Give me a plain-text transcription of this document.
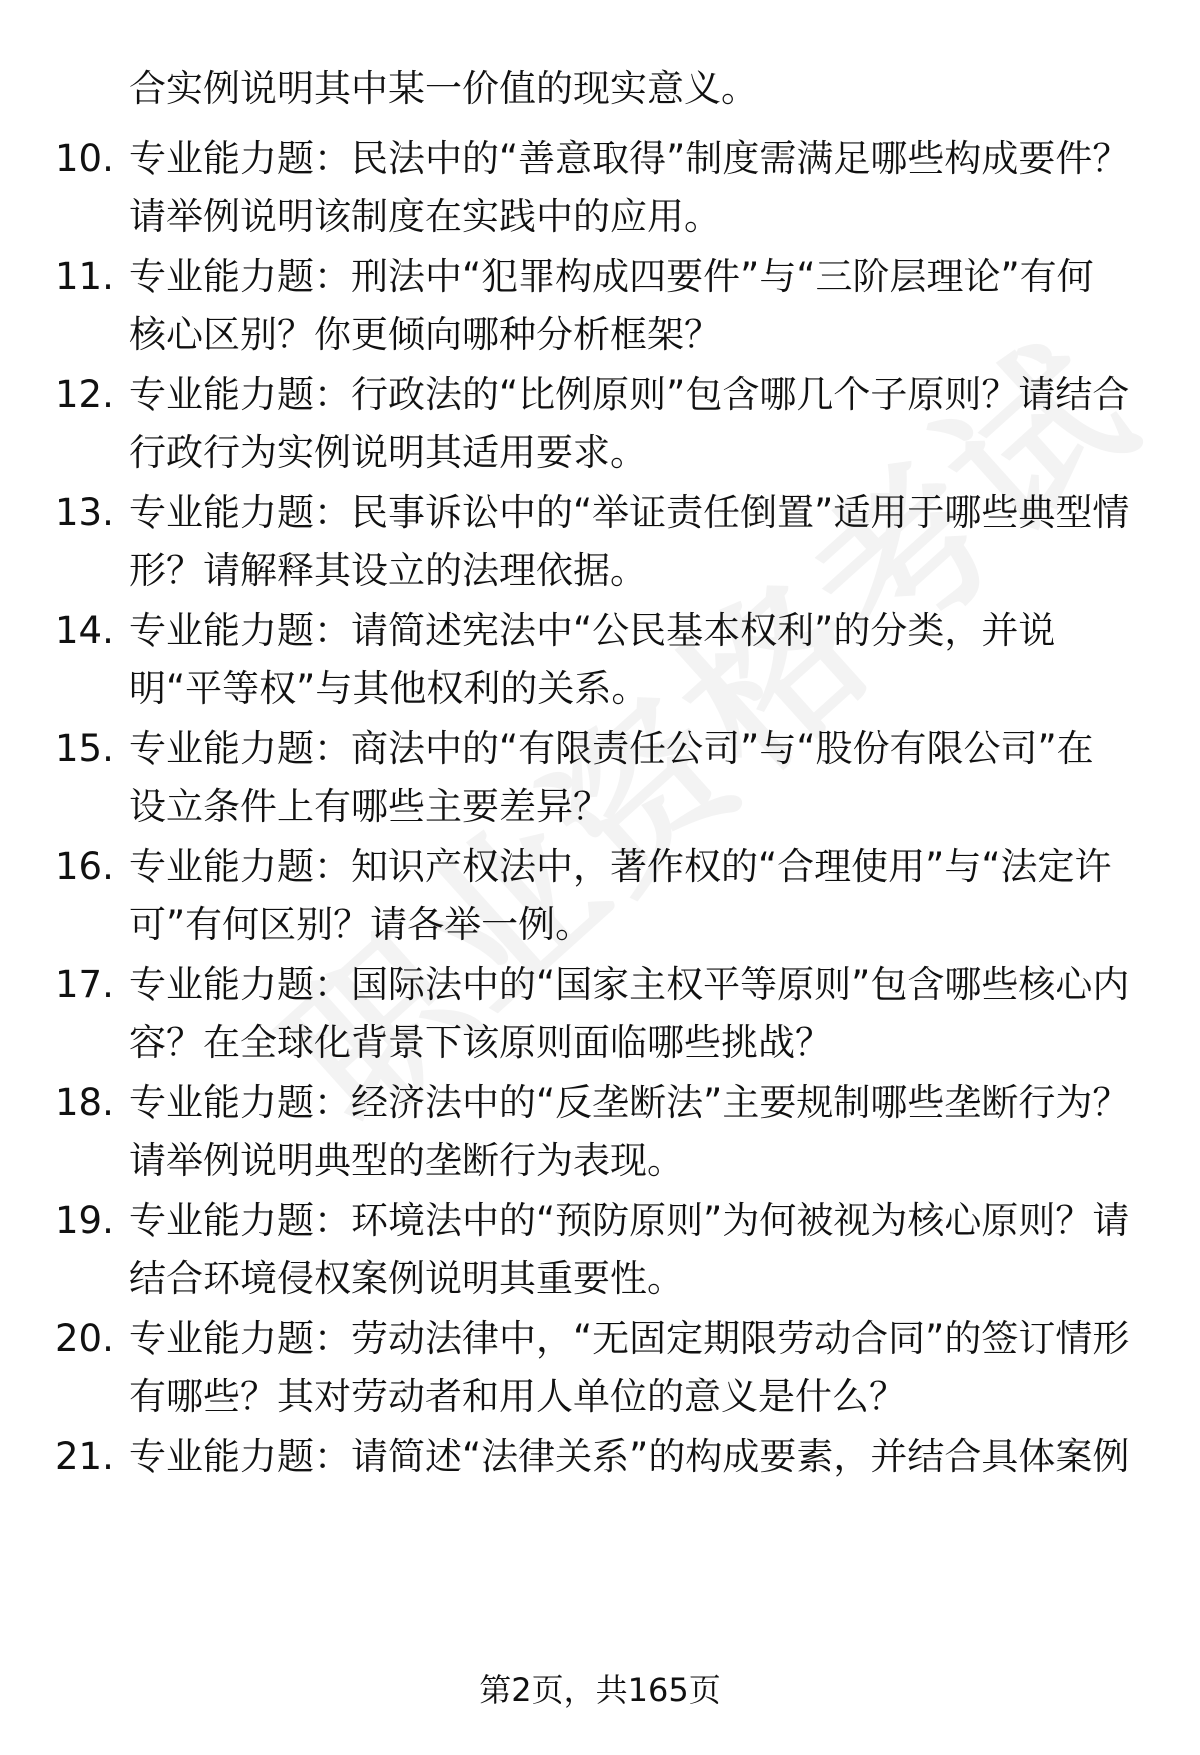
合实例说明其中某一价值的现实意义。
10. 专业能力题：民法中的“善意取得”制度需满足哪些构成要件？
请举例说明该制度在实践中的应用。
11. 专业能力题：刑法中“犯罪构成四要件”与“三阶层理论”有何
核心区别？你更倾向哪种分析框架？
12. 专业能力题：行政法的“比例原则”包含哪几个子原则？请结合
行政行为实例说明其适用要求。
13. 专业能力题：民事诉讼中的“举证责任倒置”适用于哪些典型情
形？请解释其设立的法理依据。
14. 专业能力题：请简述宪法中“公民基本权利”的分类，并说
明“平等权”与其他权利的关系。
15. 专业能力题：商法中的“有限责任公司”与“股份有限公司”在
设立条件上有哪些主要差异？
16. 专业能力题：知识产权法中，著作权的“合理使用”与“法定许
可”有何区别？请各举一例。
17. 专业能力题：国际法中的“国家主权平等原则”包含哪些核心内
容？在全球化背景下该原则面临哪些挑战？
18. 专业能力题：经济法中的“反垄断法”主要规制哪些垄断行为？
请举例说明典型的垄断行为表现。
19. 专业能力题：环境法中的“预防原则”为何被视为核心原则？请
结合环境侵权案例说明其重要性。
20. 专业能力题：劳动法律中，“无固定期限劳动合同”的签订情形
有哪些？其对劳动者和用人单位的意义是什么？
21. 专业能力题：请简述“法律关系”的构成要素，并结合具体案例
第2页，共165页
